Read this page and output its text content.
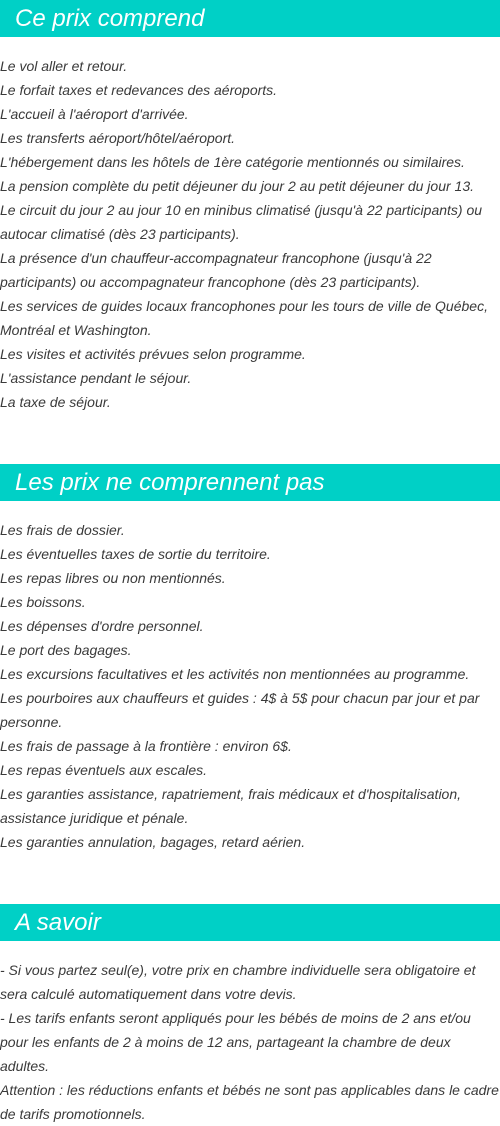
Ce prix comprend
Le vol aller et retour.
Le forfait taxes et redevances des aéroports.
L'accueil à l'aéroport d'arrivée.
Les transferts aéroport/hôtel/aéroport.
L'hébergement dans les hôtels de 1ère catégorie mentionnés ou similaires.
La pension complète du petit déjeuner du jour 2 au petit déjeuner du jour 13.
Le circuit du jour 2 au jour 10 en minibus climatisé (jusqu'à 22 participants) ou autocar climatisé (dès 23 participants).
La présence d'un chauffeur-accompagnateur francophone (jusqu'à 22 participants) ou accompagnateur francophone (dès 23 participants).
Les services de guides locaux francophones pour les tours de ville de Québec, Montréal et Washington.
Les visites et activités prévues selon programme.
L'assistance pendant le séjour.
La taxe de séjour.
Les prix ne comprennent pas
Les frais de dossier.
Les éventuelles taxes de sortie du territoire.
Les repas libres ou non mentionnés.
Les boissons.
Les dépenses d'ordre personnel.
Le port des bagages.
Les excursions facultatives et les activités non mentionnées au programme.
Les pourboires aux chauffeurs et guides : 4$ à 5$ pour chacun par jour et par personne.
Les frais de passage à la frontière : environ 6$.
Les repas éventuels aux escales.
Les garanties assistance, rapatriement, frais médicaux et d'hospitalisation, assistance juridique et pénale.
Les garanties annulation, bagages, retard aérien.
A savoir
- Si vous partez seul(e), votre prix en chambre individuelle sera obligatoire et sera calculé automatiquement dans votre devis.
- Les tarifs enfants seront appliqués pour les bébés de moins de 2 ans et/ou pour les enfants de 2 à moins de 12 ans, partageant la chambre de deux adultes.
Attention : les réductions enfants et bébés ne sont pas applicables dans le cadre de tarifs promotionnels.
